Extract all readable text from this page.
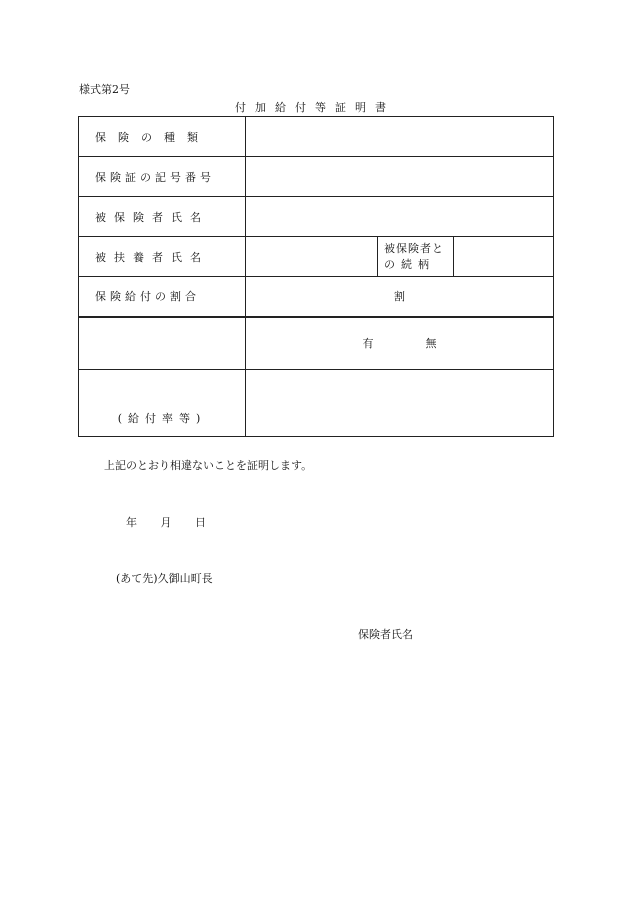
様式第2号
付加給付等証明書
保険の種類			
保険証の記号番号			
被保険者氏名			
被扶養者氏名		被保険者と
の続柄	

保険給付の割合	割		

	有 無		

(給付率等)			
上記のとおり相違ないことを証明します。
年 月 日
(あて先)久御山町長
保険者氏名
